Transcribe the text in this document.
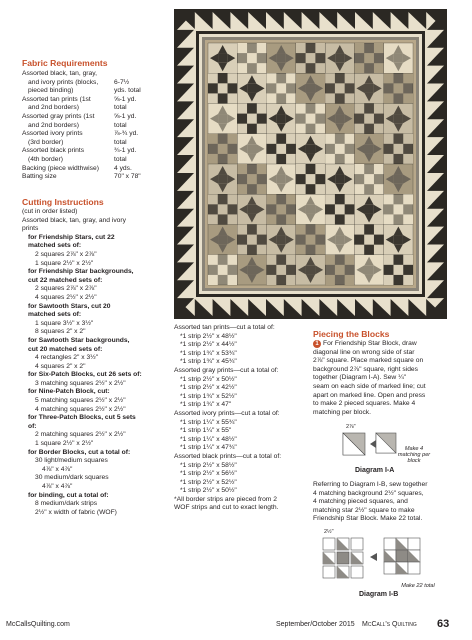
Fabric Requirements
Assorted black, tan, gray,
and ivory prints (blocks,	6-7½
pieced binding)	yds. total
Assorted tan prints (1st	⅝-1 yd.
and 2nd borders)	total
Assorted gray prints (1st	⅝-1 yd.
and 2nd borders)	total
Assorted ivory prints	⅞-¾ yd.
(3rd border)	total
Assorted black prints	¾-1 yd.
(4th border)	total
Backing (piece widthwise)	4 yds.
Batting size	70" x 78"
Cutting Instructions
(cut in order listed)
Assorted black, tan, gray, and ivory
prints
for Friendship Stars, cut 22
matched sets of:
2 squares 2⅞" x 2⅞"
1 square 2½" x 2½"
for Friendship Star backgrounds,
cut 22 matched sets of:
2 squares 2⅞" x 2⅞"
4 squares 2½" x 2½"
for Sawtooth Stars, cut 20
matched sets of:
1 square 3½" x 3½"
8 squares 2" x 2"
for Sawtooth Star backgrounds,
cut 20 matched sets of:
4 rectangles 2" x 3½"
4 squares 2" x 2"
for Six-Patch Blocks, cut 26 sets of:
3 matching squares 2½" x 2½"
for Nine-Patch Block, cut:
5 matching squares 2½" x 2½"
4 matching squares 2½" x 2½"
for Three-Patch Blocks, cut 5 sets
of:
2 matching squares 2½" x 2½"
1 square 2½" x 2½"
for Border Blocks, cut a total of:
30 light/medium squares
4⅞" x 4⅞"
30 medium/dark squares
4⅞" x 4⅞"
for binding, cut a total of:
8 medium/dark strips
2½" x width of fabric (WOF)
Assorted tan prints—cut a total of:
*1 strip 2½" x 48½"
*1 strip 2½" x 44½"
*1 strip 1¾" x 53¾"
*1 strip 1¾" x 45¾"
Assorted gray prints—cut a total of:
*1 strip 2½" x 50½"
*1 strip 2½" x 42½"
*1 strip 1¾" x 52½"
*1 strip 1¾" x 47"
Assorted ivory prints—cut a total of:
*1 strip 1¼" x 55¾"
*1 strip 1¼" x 55"
*1 strip 1¼" x 48½"
*1 strip 1¼" x 47¾"
Assorted black prints—cut a total of:
*1 strip 2½" x 58½"
*1 strip 2½" x 56½"
*1 strip 2½" x 52½"
*1 strip 2½" x 50½"
*All border strips are pieced from 2
WOF strips and cut to exact length.
Piecing the Blocks
1 For Friendship Star Block, draw
diagonal line on wrong side of star
2⅞" square. Place marked square on
background 2⅞" square, right sides
together (Diagram I-A). Sew ¼"
seam on each side of marked line; cut
apart on marked line. Open and press
to make 2 pieced squares. Make 4
matching per block.
2⅞"
Make 4 matching per block
Diagram I-A
Referring to Diagram I-B, sew together
4 matching background 2½" squares,
4 matching pieced squares, and
matching star 2½" square to make
Friendship Star Block. Make 22 total.
2½"
Make 22 total
Diagram I-B
McCallsQuilting.com	September/October 2015 McCall's Quilting 63
